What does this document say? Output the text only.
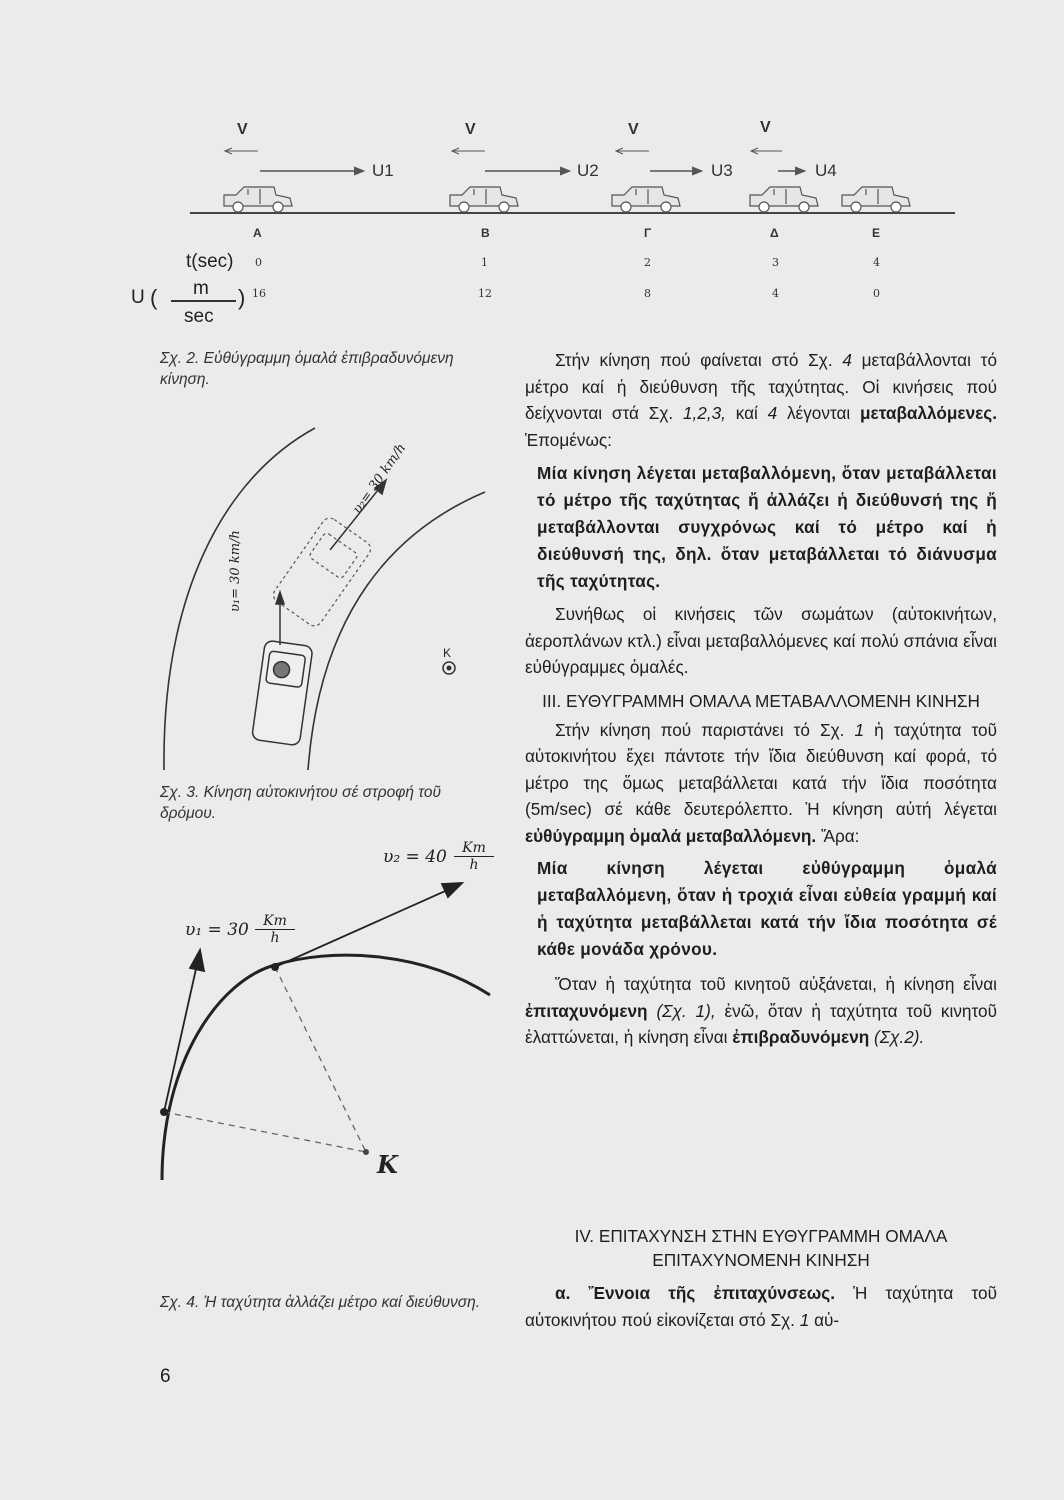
V	V	V	V
U1	U2	U3	U4
Α	Β	Γ	Δ	Ε
t(sec) 0	1	2	3	4
U ( m
sec
) 16	12	8	4	0
Σχ. 2. Εὐθύγραμμη ὁμαλά ἐπιβραδυνόμενη κίνηση.
υ₁= 30 km/h
υ₂= 30 km/h
K
Σχ. 3. Κίνηση αὐτοκινήτου σέ στροφή τοῦ δρόμου.
$\upsilon_1 = 30 \frac{Km}{h}$
$\upsilon_2 = 40 \frac{Km}{h}$
K
Σχ. 4. Ἡ ταχύτητα ἀλλάζει μέτρο καί διεύθυνση.

Στήν κίνηση πού φαίνεται στό Σχ. 4 μεταβάλλονται τό μέτρο καί ἡ διεύθυνση τῆς ταχύτητας. Οἱ κινήσεις πού δείχνονται στά Σχ. 1,2,3, καί 4 λέγονται μεταβαλλόμενες. Ἑπομένως:

Μία κίνηση λέγεται μεταβαλλόμενη, ὅταν μεταβάλλεται τό μέτρο τῆς ταχύτητας ἤ ἀλλάζει ἡ διεύθυνσή της ἤ μεταβάλλονται συγχρόνως καί τό μέτρο καί ἡ διεύθυνσή της, δηλ. ὅταν μεταβάλλεται τό διάνυσμα τῆς ταχύτητας.

Συνήθως οἱ κινήσεις τῶν σωμάτων (αὐτοκινήτων, ἀεροπλάνων κτλ.) εἶναι μεταβαλλόμενες καί πολύ σπάνια εἶναι εὐθύγραμμες ὁμαλές.

III. ΕΥΘΥΓΡΑΜΜΗ ΟΜΑΛΑ ΜΕΤΑΒΑΛΛΟΜΕΝΗ ΚΙΝΗΣΗ

Στήν κίνηση πού παριστάνει τό Σχ. 1 ἡ ταχύτητα τοῦ αὐτοκινήτου ἔχει πάντοτε τήν ἴδια διεύθυνση καί φορά, τό μέτρο της ὅμως μεταβάλλεται κατά τήν ἴδια ποσότητα (5m/sec) σέ κάθε δευτερόλεπτο. Ἡ κίνηση αὐτή λέγεται εὐθύγραμμη ὁμαλά μεταβαλλόμενη. Ἄρα:

Μία κίνηση λέγεται εὐθύγραμμη ὁμαλά μεταβαλλόμενη, ὅταν ἡ τροχιά εἶναι εὐθεία γραμμή καί ἡ ταχύτητα μεταβάλλεται κατά τήν ἴδια ποσότητα σέ κάθε μονάδα χρόνου.

Ὅταν ἡ ταχύτητα τοῦ κινητοῦ αὐξάνεται, ἡ κίνηση εἶναι ἐπιταχυνόμενη (Σχ. 1), ἐνῶ, ὅταν ἡ ταχύτητα τοῦ κινητοῦ ἐλαττώνεται, ἡ κίνηση εἶναι ἐπιβραδυνόμενη (Σχ.2).

IV. ΕΠΙΤΑΧΥΝΣΗ ΣΤΗΝ ΕΥΘΥΓΡΑΜΜΗ ΟΜΑΛΑ ΕΠΙΤΑΧΥΝΟΜΕΝΗ ΚΙΝΗΣΗ

α. Ἔννοια τῆς ἐπιταχύνσεως. Ἡ ταχύτητα τοῦ αὐτοκινήτου πού εἰκονίζεται στό Σχ. 1 αὐ-

6
